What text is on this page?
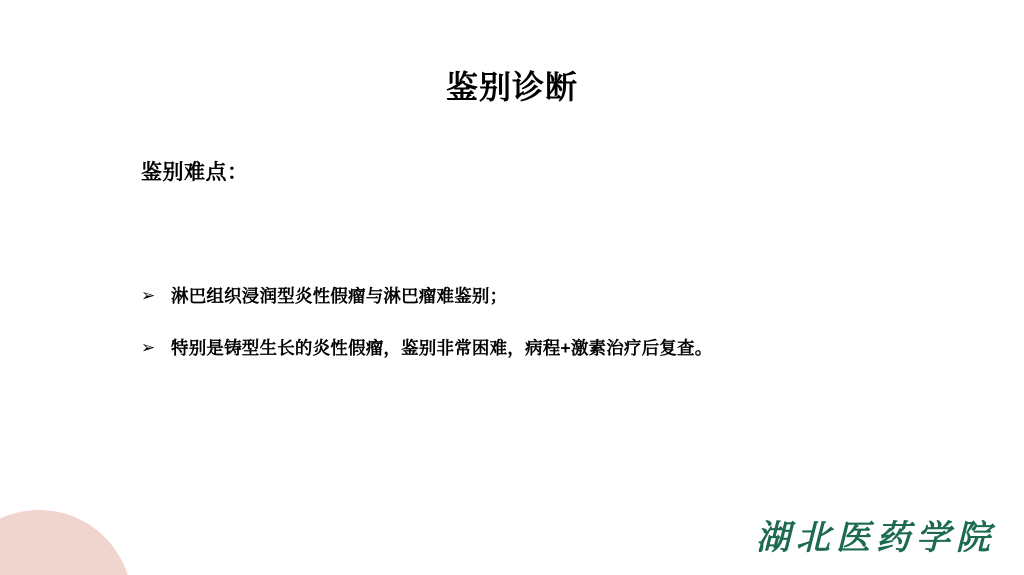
鉴别诊断
鉴别难点：
➢ 淋巴组织浸润型炎性假瘤与淋巴瘤难鉴别；
➢ 特别是铸型生长的炎性假瘤，鉴别非常困难，病程+激素治疗后复查。
湖北医药学院
